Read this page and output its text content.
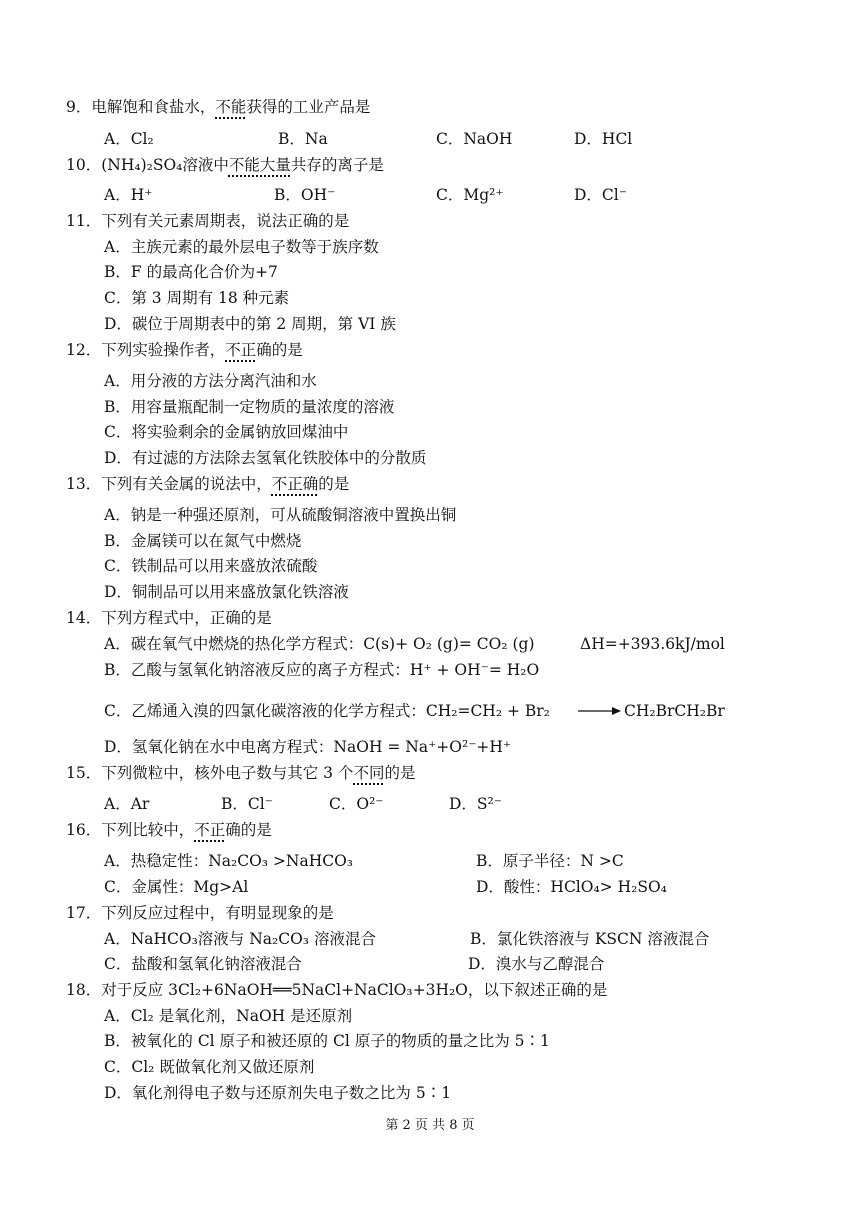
9．电解饱和食盐水，不能获得的工业产品是
A．Cl₂	B．Na	C．NaOH	D．HCl
10．(NH₄)₂SO₄溶液中不能大量共存的离子是
A．H⁺	B．OH⁻	C．Mg²⁺	D．Cl⁻
11．下列有关元素周期表，说法正确的是
A．主族元素的最外层电子数等于族序数
B．F 的最高化合价为+7
C．第 3 周期有 18 种元素
D．碳位于周期表中的第 2 周期，第 VI 族
12．下列实验操作者，不正确的是
A．用分液的方法分离汽油和水
B．用容量瓶配制一定物质的量浓度的溶液
C．将实验剩余的金属钠放回煤油中
D．有过滤的方法除去氢氧化铁胶体中的分散质
13．下列有关金属的说法中，不正确的是
A．钠是一种强还原剂，可从硫酸铜溶液中置换出铜
B．金属镁可以在氮气中燃烧
C．铁制品可以用来盛放浓硫酸
D．铜制品可以用来盛放氯化铁溶液
14．下列方程式中，正确的是
A．碳在氧气中燃烧的热化学方程式：C(s)+ O₂ (g)= CO₂ (g)	ΔH=+393.6kJ/mol
B．乙酸与氢氧化钠溶液反应的离子方程式：H⁺ + OH⁻= H₂O
C．乙烯通入溴的四氯化碳溶液的化学方程式：CH₂=CH₂ + Br₂ → CH₂BrCH₂Br
D．氢氧化钠在水中电离方程式：NaOH = Na⁺+O²⁻+H⁺
15．下列微粒中，核外电子数与其它 3 个不同的是
A．Ar	B．Cl⁻	C．O²⁻	D．S²⁻
16．下列比较中，不正确的是
A．热稳定性：Na₂CO₃ >NaHCO₃	B．原子半径：N >C
C．金属性：Mg>Al	D．酸性：HClO₄> H₂SO₄
17．下列反应过程中，有明显现象的是
A．NaHCO₃溶液与 Na₂CO₃ 溶液混合	B．氯化铁溶液与 KSCN 溶液混合
C．盐酸和氢氧化钠溶液混合	D．溴水与乙醇混合
18．对于反应 3Cl₂+6NaOH══5NaCl+NaClO₃+3H₂O，以下叙述正确的是
A．Cl₂ 是氧化剂，NaOH 是还原剂
B．被氧化的 Cl 原子和被还原的 Cl 原子的物质的量之比为 5∶1
C．Cl₂ 既做氧化剂又做还原剂
D．氧化剂得电子数与还原剂失电子数之比为 5∶1
第 2 页 共 8 页
